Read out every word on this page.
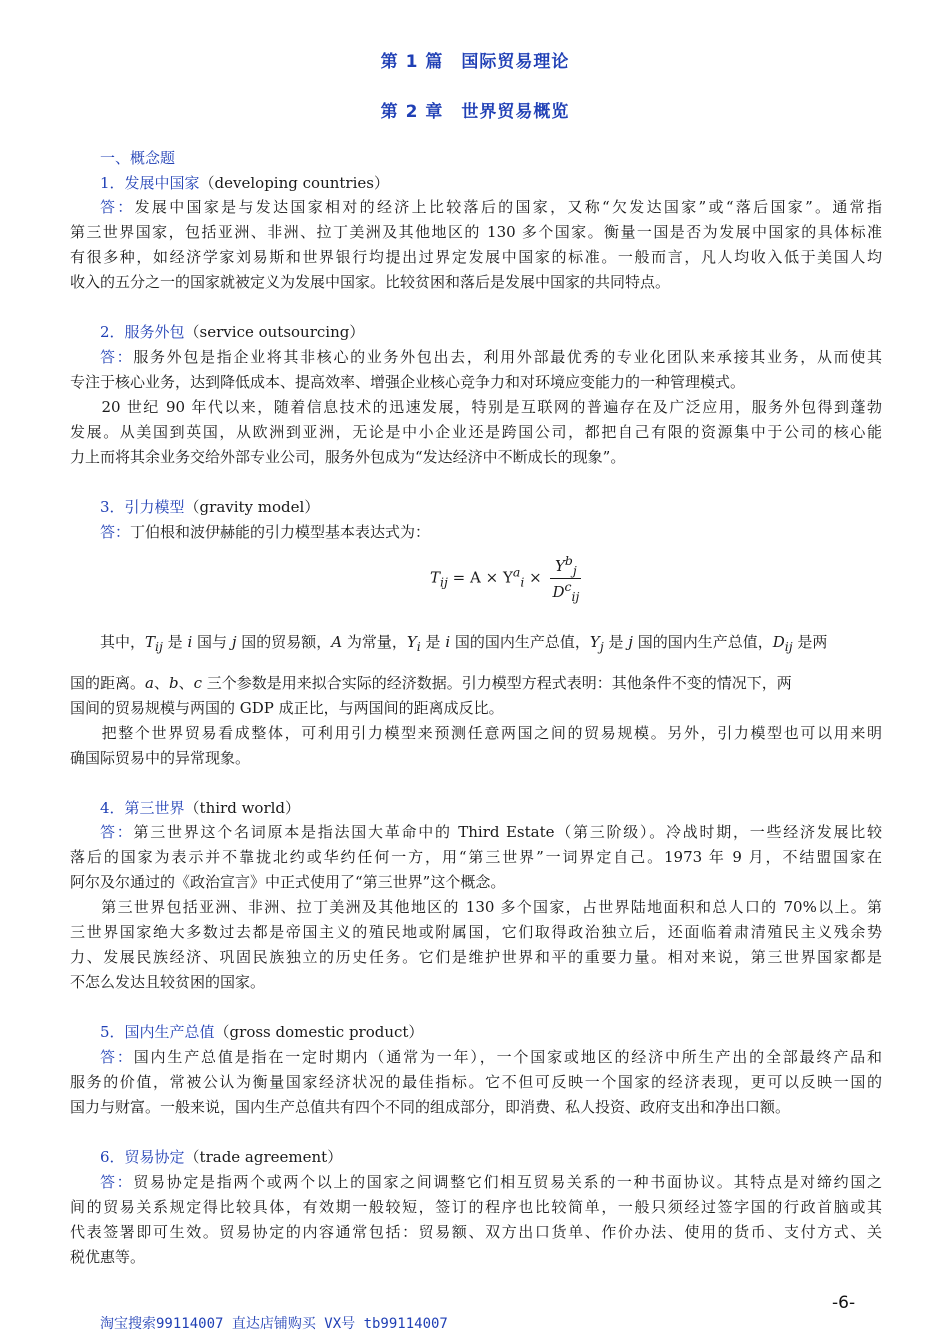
第 1 篇　国际贸易理论
第 2 章　世界贸易概览
一、概念题
1．发展中国家（developing countries）
答：发展中国家是与发达国家相对的经济上比较落后的国家，又称“欠发达国家”或“落后国家”。通常指
第三世界国家，包括亚洲、非洲、拉丁美洲及其他地区的 130 多个国家。衡量一国是否为发展中国家的具体标准
有很多种，如经济学家刘易斯和世界银行均提出过界定发展中国家的标准。一般而言，凡人均收入低于美国人均
收入的五分之一的国家就被定义为发展中国家。比较贫困和落后是发展中国家的共同特点。
2．服务外包（service outsourcing）
答：服务外包是指企业将其非核心的业务外包出去，利用外部最优秀的专业化团队来承接其业务，从而使其
专注于核心业务，达到降低成本、提高效率、增强企业核心竞争力和对环境应变能力的一种管理模式。
　20 世纪 90 年代以来，随着信息技术的迅速发展，特别是互联网的普遍存在及广泛应用，服务外包得到蓬勃
发展。从美国到英国，从欧洲到亚洲，无论是中小企业还是跨国公司，都把自己有限的资源集中于公司的核心能
力上而将其余业务交给外部专业公司，服务外包成为“发达经济中不断成长的现象”。
3．引力模型（gravity model）
答：丁伯根和波伊赫能的引力模型基本表达式为：
$T_{ij} = A \times Y^a_i \times \frac{Y^b_j}{D^c_{ij}}$
其中，$T_{ij}$ 是 i 国与 j 国的贸易额，A 为常量，$Y_i$ 是 i 国的国内生产总值，$Y_j$ 是 j 国的国内生产总值，$D_{ij}$ 是两
国的距离。a、b、c 三个参数是用来拟合实际的经济数据。引力模型方程式表明：其他条件不变的情况下，两
国间的贸易规模与两国的 GDP 成正比，与两国间的距离成反比。
　把整个世界贸易看成整体，可利用引力模型来预测任意两国之间的贸易规模。另外，引力模型也可以用来明
确国际贸易中的异常现象。
4．第三世界（third world）
答：第三世界这个名词原本是指法国大革命中的 Third Estate（第三阶级）。冷战时期，一些经济发展比较
落后的国家为表示并不靠拢北约或华约任何一方，用“第三世界”一词界定自己。1973 年 9 月，不结盟国家在
阿尔及尔通过的《政治宣言》中正式使用了“第三世界”这个概念。
　第三世界包括亚洲、非洲、拉丁美洲及其他地区的 130 多个国家，占世界陆地面积和总人口的 70%以上。第
三世界国家绝大多数过去都是帝国主义的殖民地或附属国，它们取得政治独立后，还面临着肃清殖民主义残余势
力、发展民族经济、巩固民族独立的历史任务。它们是维护世界和平的重要力量。相对来说，第三世界国家都是
不怎么发达且较贫困的国家。
5．国内生产总值（gross domestic product）
答：国内生产总值是指在一定时期内（通常为一年），一个国家或地区的经济中所生产出的全部最终产品和
服务的价值，常被公认为衡量国家经济状况的最佳指标。它不但可反映一个国家的经济表现，更可以反映一国的
国力与财富。一般来说，国内生产总值共有四个不同的组成部分，即消费、私人投资、政府支出和净出口额。
6．贸易协定（trade agreement）
答：贸易协定是指两个或两个以上的国家之间调整它们相互贸易关系的一种书面协议。其特点是对缔约国之
间的贸易关系规定得比较具体，有效期一般较短，签订的程序也比较简单，一般只须经过签字国的行政首脑或其
代表签署即可生效。贸易协定的内容通常包括：贸易额、双方出口货单、作价办法、使用的货币、支付方式、关
税优惠等。
-6-
淘宝搜索99114007 直达店铺购买 VX号 tb99114007
